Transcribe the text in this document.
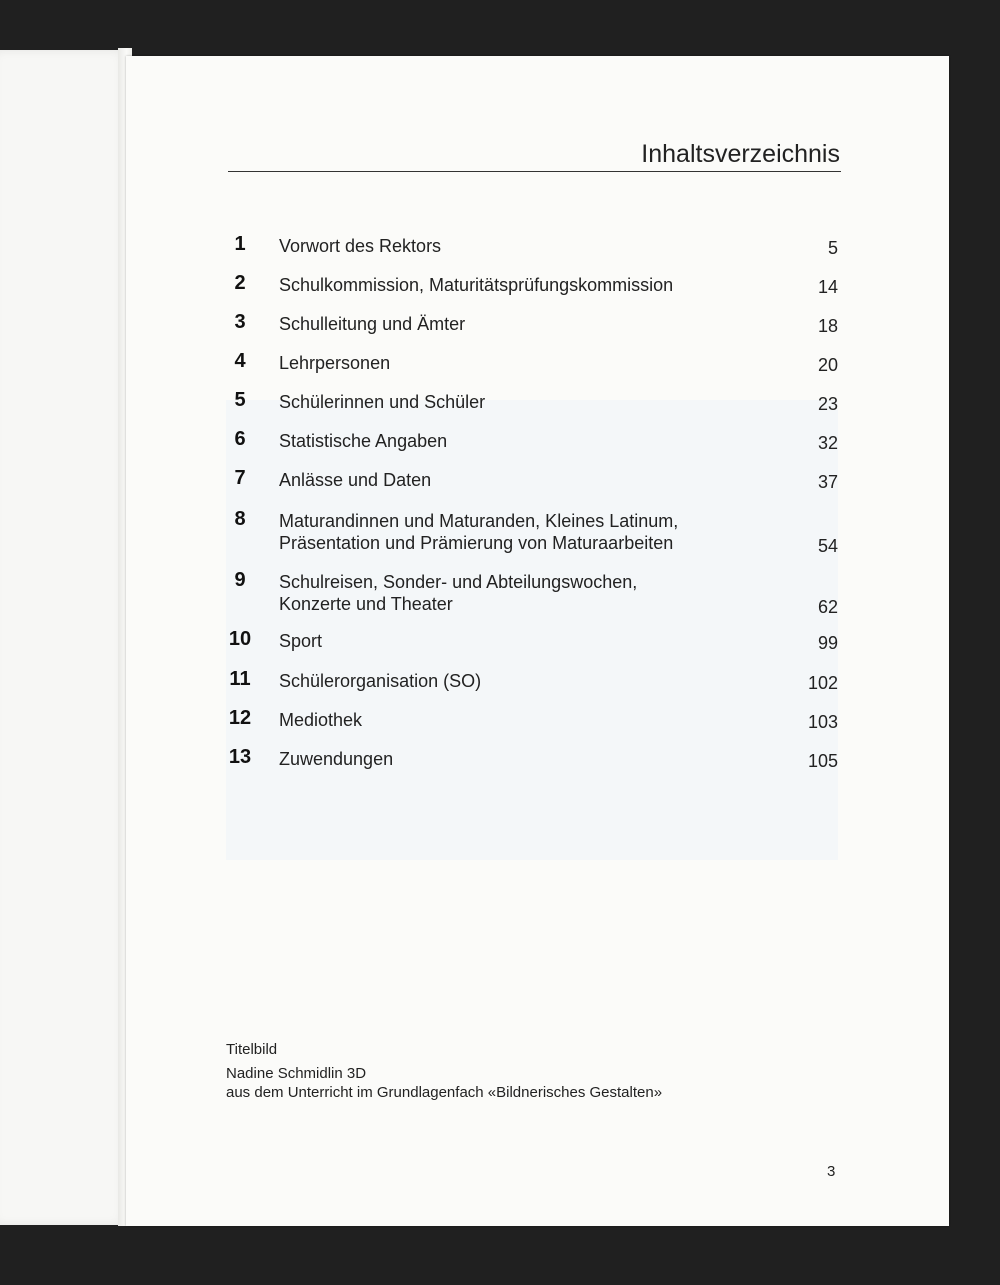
Inhaltsverzeichnis
1	Vorwort des Rektors	5
2	Schulkommission, Maturitätsprüfungskommission	14
3	Schulleitung und Ämter	18
4	Lehrpersonen	20
5	Schülerinnen und Schüler	23
6	Statistische Angaben	32
7	Anlässe und Daten	37
8	Maturandinnen und Maturanden, Kleines Latinum,
Präsentation und Prämierung von Maturaarbeiten	54
9	Schulreisen, Sonder- und Abteilungswochen,
Konzerte und Theater	62
10 Sport	99
11 Schülerorganisation (SO)	102
12 Mediothek	103
13 Zuwendungen	105
Titelbild
Nadine Schmidlin 3D
aus dem Unterricht im Grundlagenfach «Bildnerisches Gestalten»
3
